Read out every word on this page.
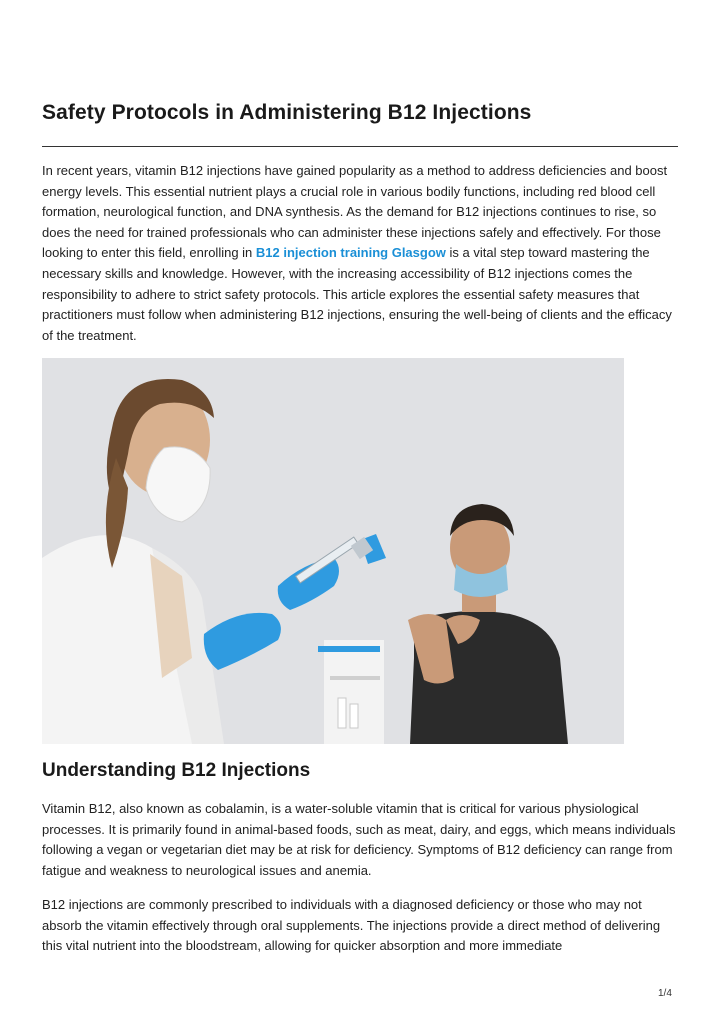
Safety Protocols in Administering B12 Injections

In recent years, vitamin B12 injections have gained popularity as a method to address deficiencies and boost energy levels. This essential nutrient plays a crucial role in various bodily functions, including red blood cell formation, neurological function, and DNA synthesis. As the demand for B12 injections continues to rise, so does the need for trained professionals who can administer these injections safely and effectively. For those looking to enter this field, enrolling in B12 injection training Glasgow is a vital step toward mastering the necessary skills and knowledge. However, with the increasing accessibility of B12 injections comes the responsibility to adhere to strict safety protocols. This article explores the essential safety measures that practitioners must follow when administering B12 injections, ensuring the well-being of clients and the efficacy of the treatment.

Understanding B12 Injections

Vitamin B12, also known as cobalamin, is a water-soluble vitamin that is critical for various physiological processes. It is primarily found in animal-based foods, such as meat, dairy, and eggs, which means individuals following a vegan or vegetarian diet may be at risk for deficiency. Symptoms of B12 deficiency can range from fatigue and weakness to neurological issues and anemia.

B12 injections are commonly prescribed to individuals with a diagnosed deficiency or those who may not absorb the vitamin effectively through oral supplements. The injections provide a direct method of delivering this vital nutrient into the bloodstream, allowing for quicker absorption and more immediate

1/4
